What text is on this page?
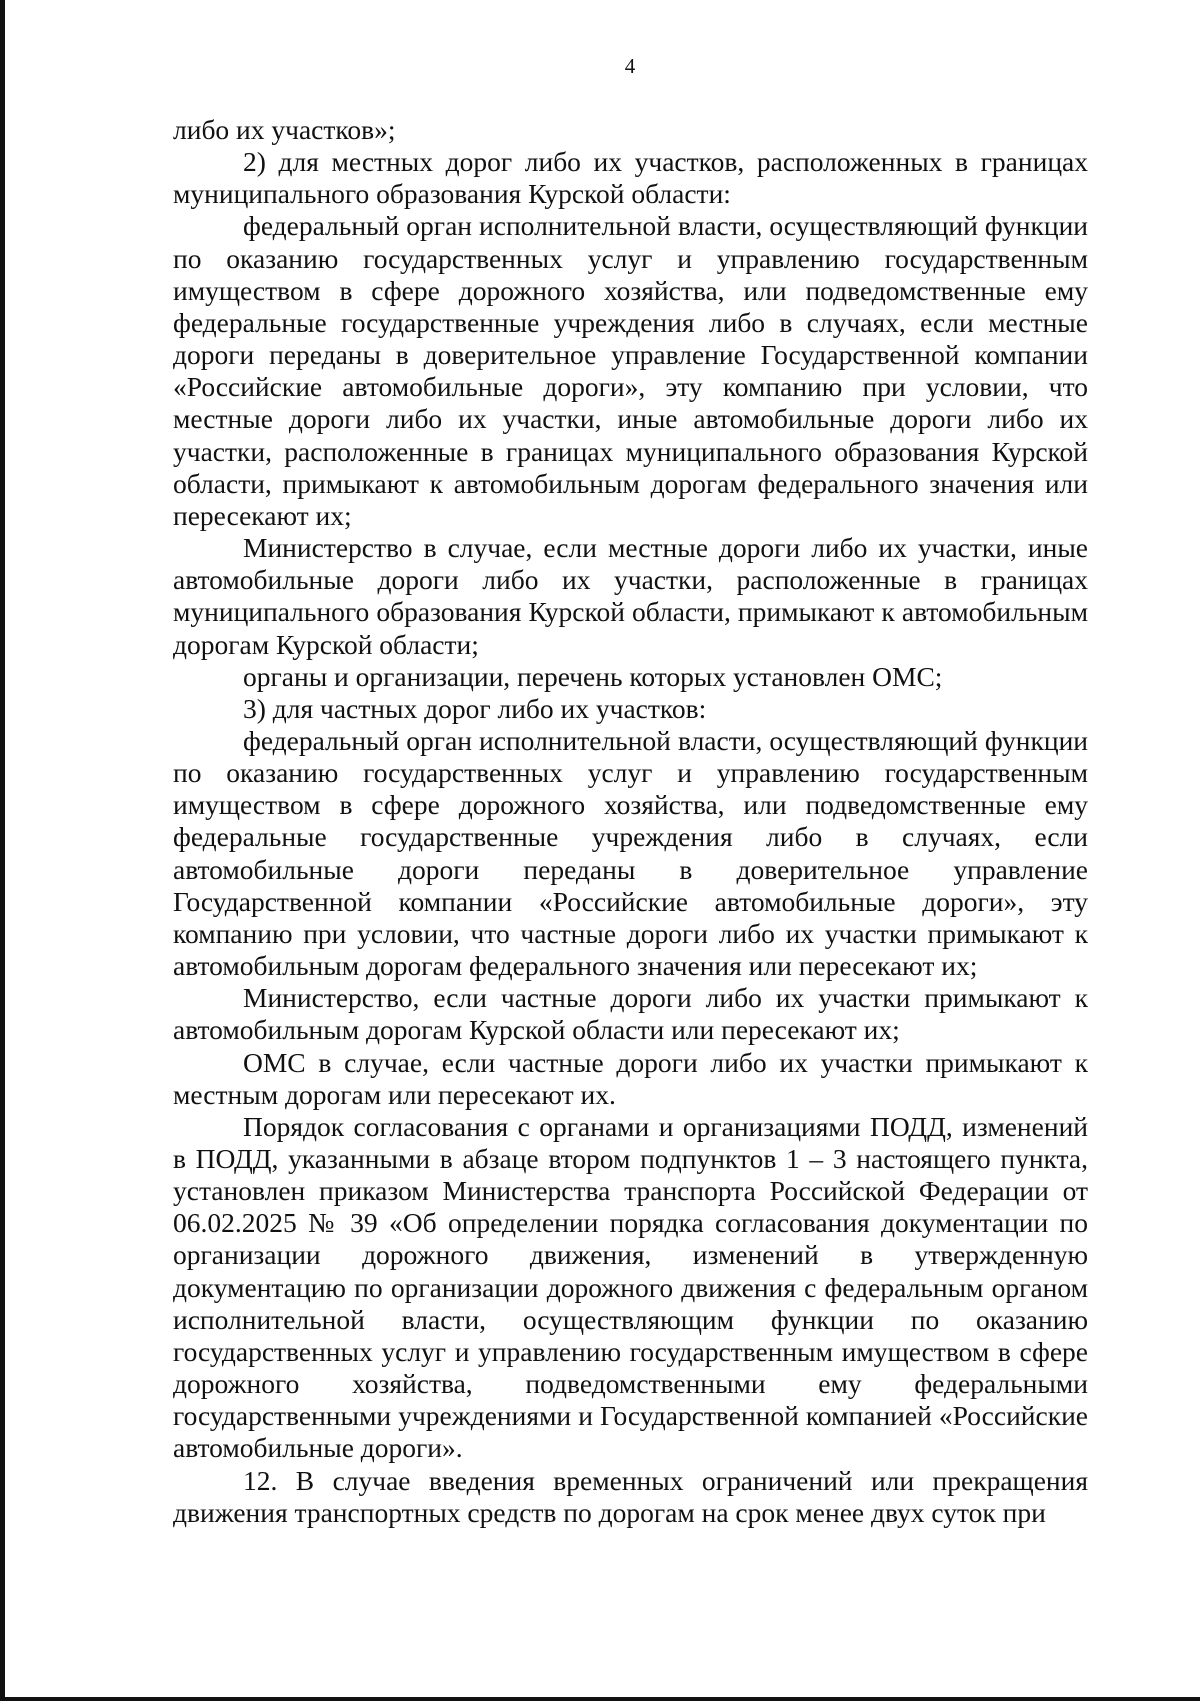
4

либо их участков»;

2) для местных дорог либо их участков, расположенных в границах муниципального образования Курской области:

федеральный орган исполнительной власти, осуществляющий функции по оказанию государственных услуг и управлению государственным имуществом в сфере дорожного хозяйства, или подведомственные ему федеральные государственные учреждения либо в случаях, если местные дороги переданы в доверительное управление Государственной компании «Российские автомобильные дороги», эту компанию при условии, что местные дороги либо их участки, иные автомобильные дороги либо их участки, расположенные в границах муниципального образования Курской области, примыкают к автомобильным дорогам федерального значения или пересекают их;

Министерство в случае, если местные дороги либо их участки, иные автомобильные дороги либо их участки, расположенные в границах муниципального образования Курской области, примыкают к автомобильным дорогам Курской области;

органы и организации, перечень которых установлен ОМС;

3) для частных дорог либо их участков:

федеральный орган исполнительной власти, осуществляющий функции по оказанию государственных услуг и управлению государственным имуществом в сфере дорожного хозяйства, или подведомственные ему федеральные государственные учреждения либо в случаях, если автомобильные дороги переданы в доверительное управление Государственной компании «Российские автомобильные дороги», эту компанию при условии, что частные дороги либо их участки примыкают к автомобильным дорогам федерального значения или пересекают их;

Министерство, если частные дороги либо их участки примыкают к автомобильным дорогам Курской области или пересекают их;

ОМС в случае, если частные дороги либо их участки примыкают к местным дорогам или пересекают их.

Порядок согласования с органами и организациями ПОДД, изменений в ПОДД, указанными в абзаце втором подпунктов 1 – 3 настоящего пункта, установлен приказом Министерства транспорта Российской Федерации от 06.02.2025 № 39 «Об определении порядка согласования документации по организации дорожного движения, изменений в утвержденную документацию по организации дорожного движения с федеральным органом исполнительной власти, осуществляющим функции по оказанию государственных услуг и управлению государственным имуществом в сфере дорожного хозяйства, подведомственными ему федеральными государственными учреждениями и Государственной компанией «Российские автомобильные дороги».

12. В случае введения временных ограничений или прекращения движения транспортных средств по дорогам на срок менее двух суток при
